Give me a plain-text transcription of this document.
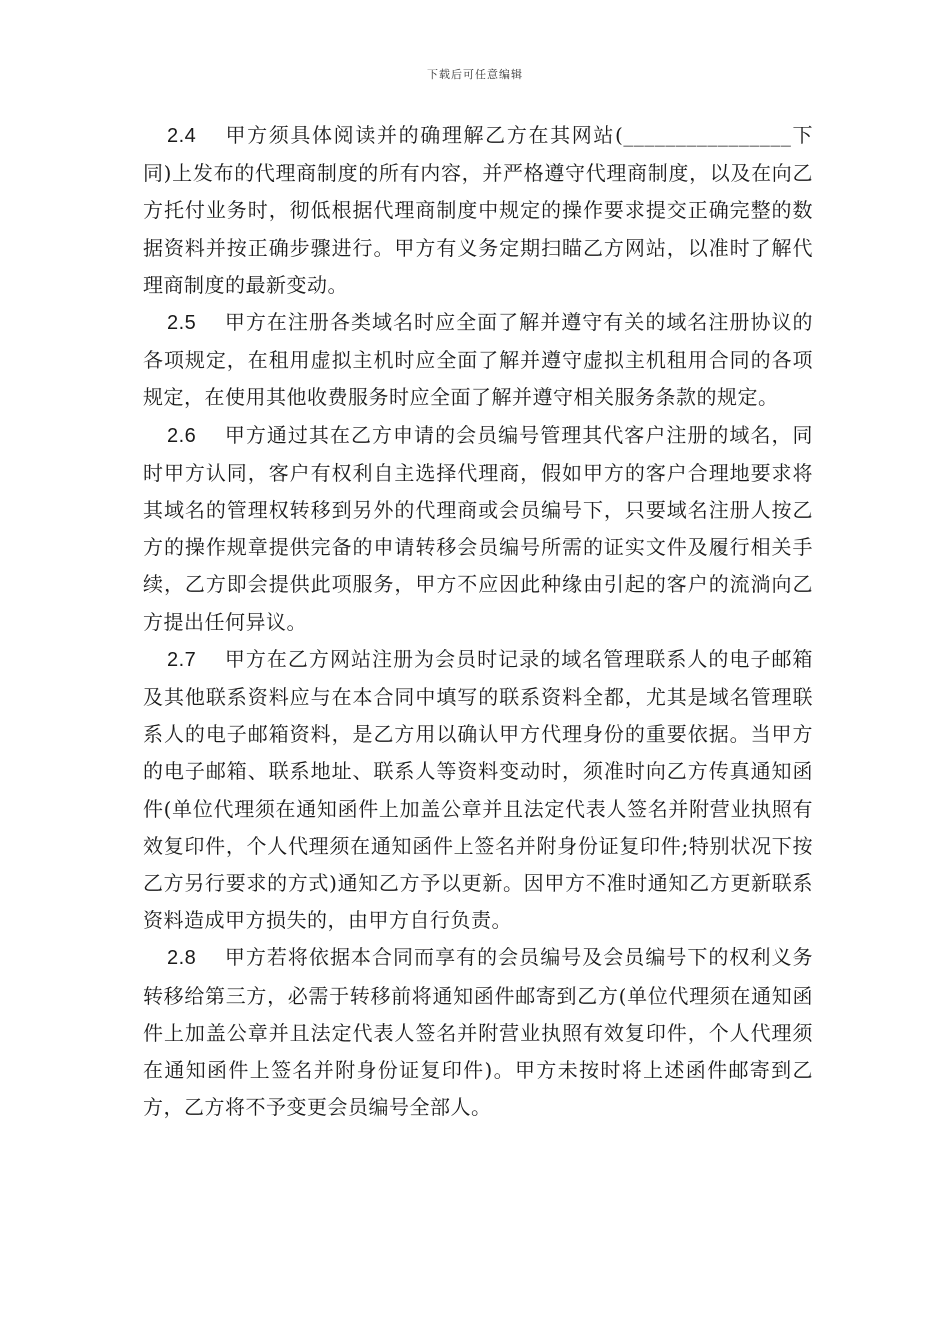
下载后可任意编辑

2.4 甲方须具体阅读并的确理解乙方在其网站(________________下同)上发布的代理商制度的所有内容，并严格遵守代理商制度，以及在向乙方托付业务时，彻低根据代理商制度中规定的操作要求提交正确完整的数据资料并按正确步骤进行。甲方有义务定期扫瞄乙方网站，以准时了解代理商制度的最新变动。

2.5 甲方在注册各类域名时应全面了解并遵守有关的域名注册协议的各项规定，在租用虚拟主机时应全面了解并遵守虚拟主机租用合同的各项规定，在使用其他收费服务时应全面了解并遵守相关服务条款的规定。

2.6 甲方通过其在乙方申请的会员编号管理其代客户注册的域名，同时甲方认同，客户有权利自主选择代理商，假如甲方的客户合理地要求将其域名的管理权转移到另外的代理商或会员编号下，只要域名注册人按乙方的操作规章提供完备的申请转移会员编号所需的证实文件及履行相关手续，乙方即会提供此项服务，甲方不应因此种缘由引起的客户的流淌向乙方提出任何异议。

2.7 甲方在乙方网站注册为会员时记录的域名管理联系人的电子邮箱及其他联系资料应与在本合同中填写的联系资料全都，尤其是域名管理联系人的电子邮箱资料，是乙方用以确认甲方代理身份的重要依据。当甲方的电子邮箱、联系地址、联系人等资料变动时，须准时向乙方传真通知函件(单位代理须在通知函件上加盖公章并且法定代表人签名并附营业执照有效复印件，个人代理须在通知函件上签名并附身份证复印件;特别状况下按乙方另行要求的方式)通知乙方予以更新。因甲方不准时通知乙方更新联系资料造成甲方损失的，由甲方自行负责。

2.8 甲方若将依据本合同而享有的会员编号及会员编号下的权利义务转移给第三方，必需于转移前将通知函件邮寄到乙方(单位代理须在通知函件上加盖公章并且法定代表人签名并附营业执照有效复印件，个人代理须在通知函件上签名并附身份证复印件)。甲方未按时将上述函件邮寄到乙方，乙方将不予变更会员编号全部人。
